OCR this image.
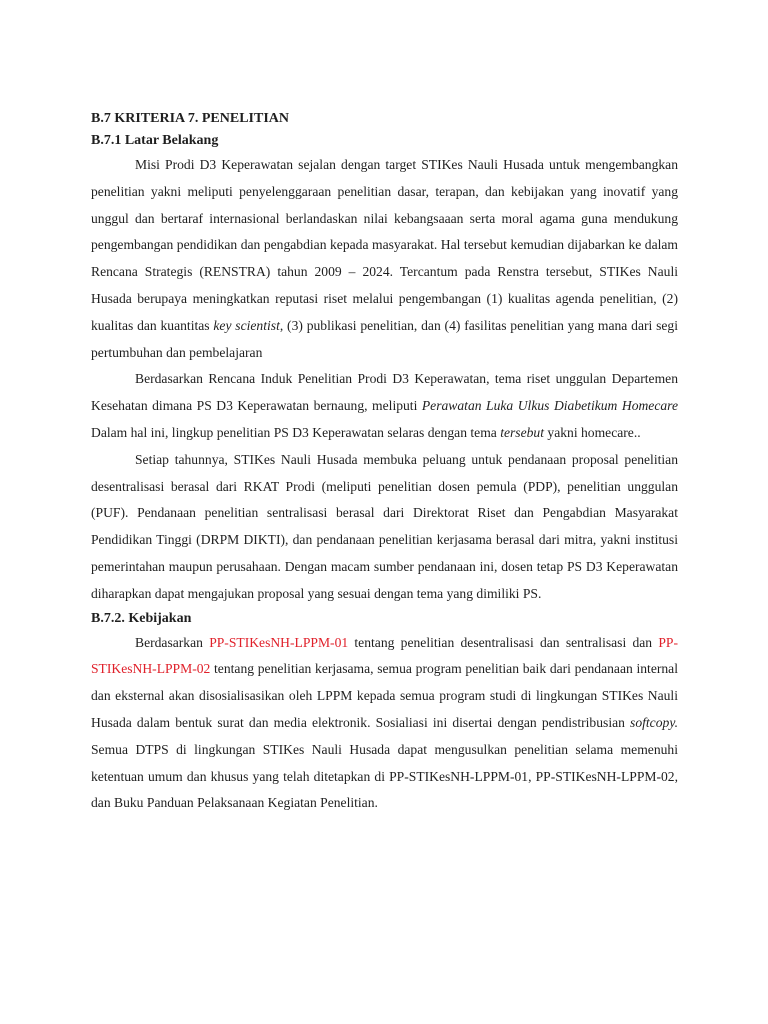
B.7 KRITERIA 7. PENELITIAN

B.7.1 Latar Belakang

Misi Prodi D3 Keperawatan sejalan dengan target STIKes Nauli Husada untuk mengembangkan penelitian yakni meliputi penyelenggaraan penelitian dasar, terapan, dan kebijakan yang inovatif yang unggul dan bertaraf internasional berlandaskan nilai kebangsaaan serta moral agama guna mendukung pengembangan pendidikan dan pengabdian kepada masyarakat. Hal tersebut kemudian dijabarkan ke dalam Rencana Strategis (RENSTRA) tahun 2009 – 2024. Tercantum pada Renstra tersebut, STIKes Nauli Husada berupaya meningkatkan reputasi riset melalui pengembangan (1) kualitas agenda penelitian, (2) kualitas dan kuantitas key scientist, (3) publikasi penelitian, dan (4) fasilitas penelitian yang mana dari segi pertumbuhan dan pembelajaran

Berdasarkan Rencana Induk Penelitian Prodi D3 Keperawatan, tema riset unggulan Departemen Kesehatan dimana PS D3 Keperawatan bernaung, meliputi Perawatan Luka Ulkus Diabetikum Homecare Dalam hal ini, lingkup penelitian PS D3 Keperawatan selaras dengan tema tersebut yakni homecare..

Setiap tahunnya, STIKes Nauli Husada membuka peluang untuk pendanaan proposal penelitian desentralisasi berasal dari RKAT Prodi (meliputi penelitian dosen pemula (PDP), penelitian unggulan (PUF). Pendanaan penelitian sentralisasi berasal dari Direktorat Riset dan Pengabdian Masyarakat Pendidikan Tinggi (DRPM DIKTI), dan pendanaan penelitian kerjasama berasal dari mitra, yakni institusi pemerintahan maupun perusahaan. Dengan macam sumber pendanaan ini, dosen tetap PS D3 Keperawatan diharapkan dapat mengajukan proposal yang sesuai dengan tema yang dimiliki PS.

B.7.2. Kebijakan

Berdasarkan PP-STIKesNH-LPPM-01 tentang penelitian desentralisasi dan sentralisasi dan PP-STIKesNH-LPPM-02 tentang penelitian kerjasama, semua program penelitian baik dari pendanaan internal dan eksternal akan disosialisasikan oleh LPPM kepada semua program studi di lingkungan STIKes Nauli Husada dalam bentuk surat dan media elektronik. Sosialiasi ini disertai dengan pendistribusian softcopy. Semua DTPS di lingkungan STIKes Nauli Husada dapat mengusulkan penelitian selama memenuhi ketentuan umum dan khusus yang telah ditetapkan di PP-STIKesNH-LPPM-01, PP-STIKesNH-LPPM-02, dan Buku Panduan Pelaksanaan Kegiatan Penelitian.
